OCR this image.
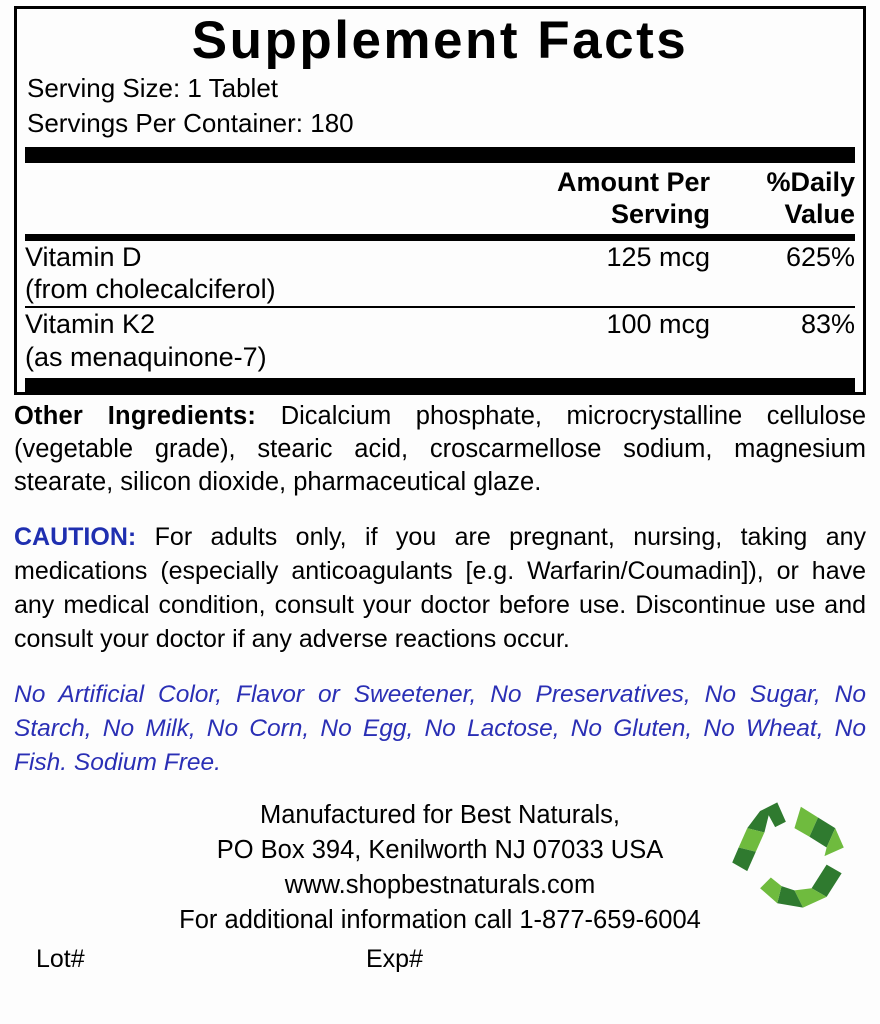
Supplement Facts
Serving Size: 1 Tablet
Servings Per Container: 180
	Amount Per	%Daily
	Serving	Value
Vitamin D	125 mcg	625%
(from cholecalciferol)		
Vitamin K2	100 mcg	83%
(as menaquinone-7)		
Other Ingredients: Dicalcium phosphate, microcrystalline cellulose (vegetable grade), stearic acid, croscarmellose sodium, magnesium stearate, silicon dioxide, pharmaceutical glaze.
CAUTION: For adults only, if you are pregnant, nursing, taking any medications (especially anticoagulants [e.g. Warfarin/Coumadin]), or have any medical condition, consult your doctor before use. Discontinue use and consult your doctor if any adverse reactions occur.
No Artificial Color, Flavor or Sweetener, No Preservatives, No Sugar, No Starch, No Milk, No Corn, No Egg, No Lactose, No Gluten, No Wheat, No Fish. Sodium Free.
Manufactured for Best Naturals,
PO Box 394, Kenilworth NJ 07033 USA
www.shopbestnaturals.com
For additional information call 1-877-659-6004
Lot#	Exp#
